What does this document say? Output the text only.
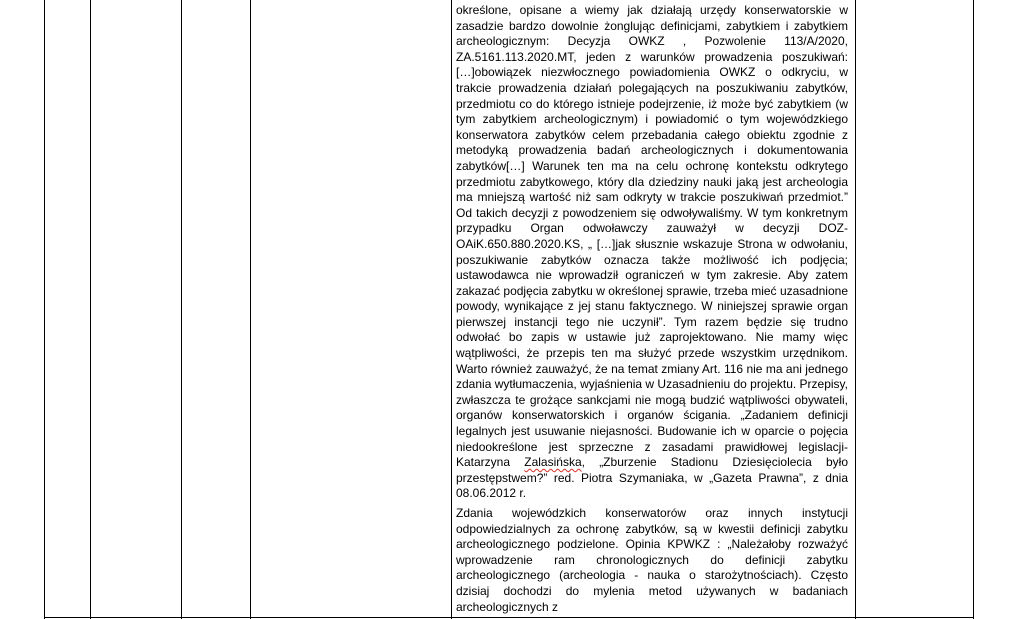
określone, opisane a wiemy jak działają urzędy konserwatorskie w zasadzie bardzo dowolnie żonglując definicjami, zabytkiem i zabytkiem archeologicznym: Decyzja OWKZ , Pozwolenie 113/A/2020, ZA.5161.113.2020.MT, jeden z warunków prowadzenia poszukiwań: […]obowiązek niezwłocznego powiadomienia OWKZ o odkryciu, w trakcie prowadzenia działań polegających na poszukiwaniu zabytków, przedmiotu co do którego istnieje podejrzenie, iż może być zabytkiem (w tym zabytkiem archeologicznym) i powiadomić o tym wojewódzkiego konserwatora zabytków celem przebadania całego obiektu zgodnie z metodyką prowadzenia badań archeologicznych i dokumentowania zabytków[…] Warunek ten ma na celu ochronę kontekstu odkrytego przedmiotu zabytkowego, który dla dziedziny nauki jaką jest archeologia ma mniejszą wartość niż sam odkryty w trakcie poszukiwań przedmiot.” Od takich decyzji z powodzeniem się odwoływaliśmy. W tym konkretnym przypadku Organ odwoławczy zauważył w decyzji DOZ-OAiK.650.880.2020.KS, „ […]jak słusznie wskazuje Strona w odwołaniu, poszukiwanie zabytków oznacza także możliwość ich podjęcia; ustawodawca nie wprowadził ograniczeń w tym zakresie. Aby zatem zakazać podjęcia zabytku w określonej sprawie, trzeba mieć uzasadnione powody, wynikające z jej stanu faktycznego. W niniejszej sprawie organ pierwszej instancji tego nie uczynił”. Tym razem będzie się trudno odwołać bo zapis w ustawie już zaprojektowano. Nie mamy więc wątpliwości, że przepis ten ma służyć przede wszystkim urzędnikom. Warto również zauważyć, że na temat zmiany Art. 116 nie ma ani jednego zdania wytłumaczenia, wyjaśnienia w Uzasadnieniu do projektu. Przepisy, zwłaszcza te grożące sankcjami nie mogą budzić wątpliwości obywateli, organów konserwatorskich i organów ścigania. „Zadaniem definicji legalnych jest usuwanie niejasności. Budowanie ich w oparcie o pojęcia niedookreślone jest sprzeczne z zasadami prawidłowej legislacji- Katarzyna Zalasińska, „Zburzenie Stadionu Dziesięciolecia było przestępstwem?” red. Piotra Szymaniaka, w „Gazeta Prawna”, z dnia 08.06.2012 r.

Zdania wojewódzkich konserwatorów oraz innych instytucji odpowiedzialnych za ochronę zabytków, są w kwestii definicji zabytku archeologicznego podzielone. Opinia KPWKZ : „Należałoby rozważyć wprowadzenie ram chronologicznych do definicji zabytku archeologicznego (archeologia - nauka o starożytnościach). Często dzisiaj dochodzi do mylenia metod używanych w badaniach archeologicznych z
